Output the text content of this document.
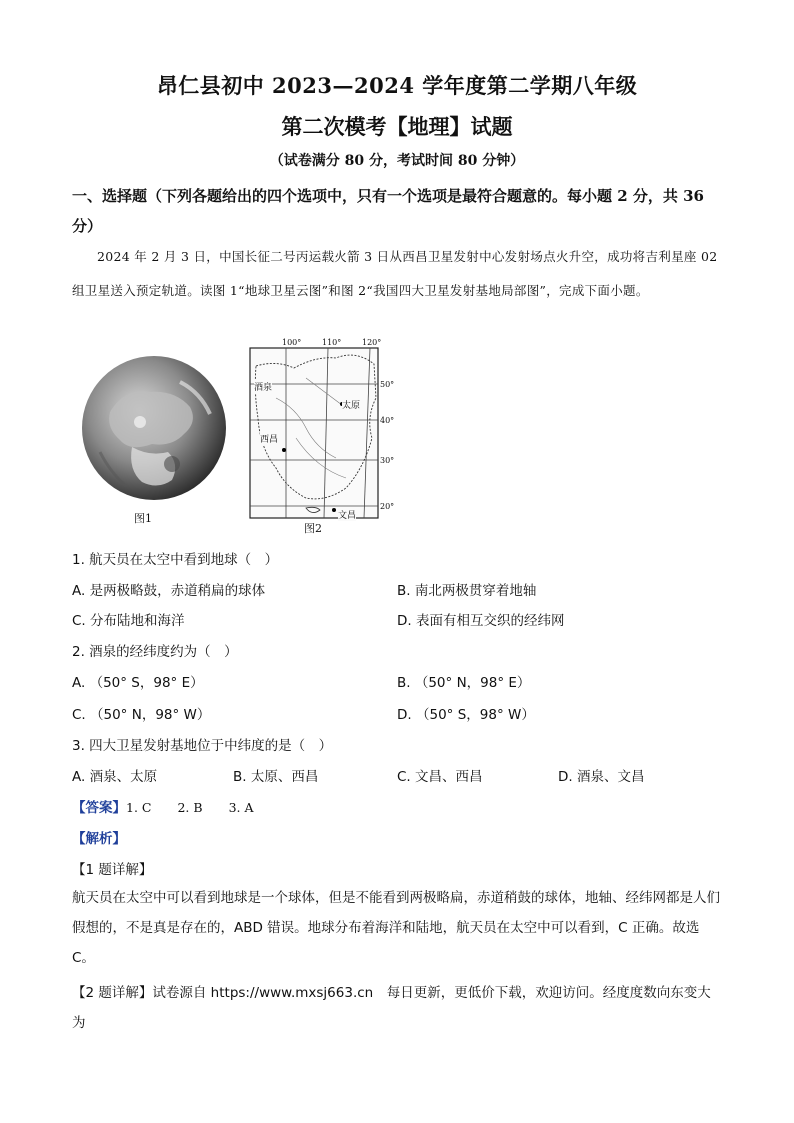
昂仁县初中 2023—2024 学年度第二学期八年级
第二次模考【地理】试题
（试卷满分 80 分，考试时间 80 分钟）
一、选择题（下列各题给出的四个选项中，只有一个选项是最符合题意的。每小题 2 分，共 36 分）
2024 年 2 月 3 日，中国长征二号丙运载火箭 3 日从西昌卫星发射中心发射场点火升空，成功将吉利星座 02 组卫星送入预定轨道。读图 1“地球卫星云图”和图 2“我国四大卫星发射基地局部图”，完成下面小题。
图1
100°	110°	120°
50°
40°
30°
20°
酒泉
太原
西昌
文昌
图2
1. 航天员在太空中看到地球（　）
A. 是两极略鼓，赤道稍扁的球体	B. 南北两极贯穿着地轴
C. 分布陆地和海洋	D. 表面有相互交织的经纬网
2. 酒泉的经纬度约为（　）
A. （50° S，98° E）	B. （50° N，98° E）
C. （50° N，98° W）	D. （50° S，98° W）
3. 四大卫星发射基地位于中纬度的是（　）
A. 酒泉、太原	B. 太原、西昌	C. 文昌、西昌	D. 酒泉、文昌
【答案】1. C 2. B 3. A
【解析】
【1 题详解】
航天员在太空中可以看到地球是一个球体，但是不能看到两极略扁，赤道稍鼓的球体，地轴、经纬网都是人们假想的，不是真是存在的，ABD 错误。地球分布着海洋和陆地，航天员在太空中可以看到，C 正确。故选 C。
【2 题详解】试卷源自 https://www.mxsj663.cn　每日更新，更低价下载，欢迎访问。经度度数向东变大为
